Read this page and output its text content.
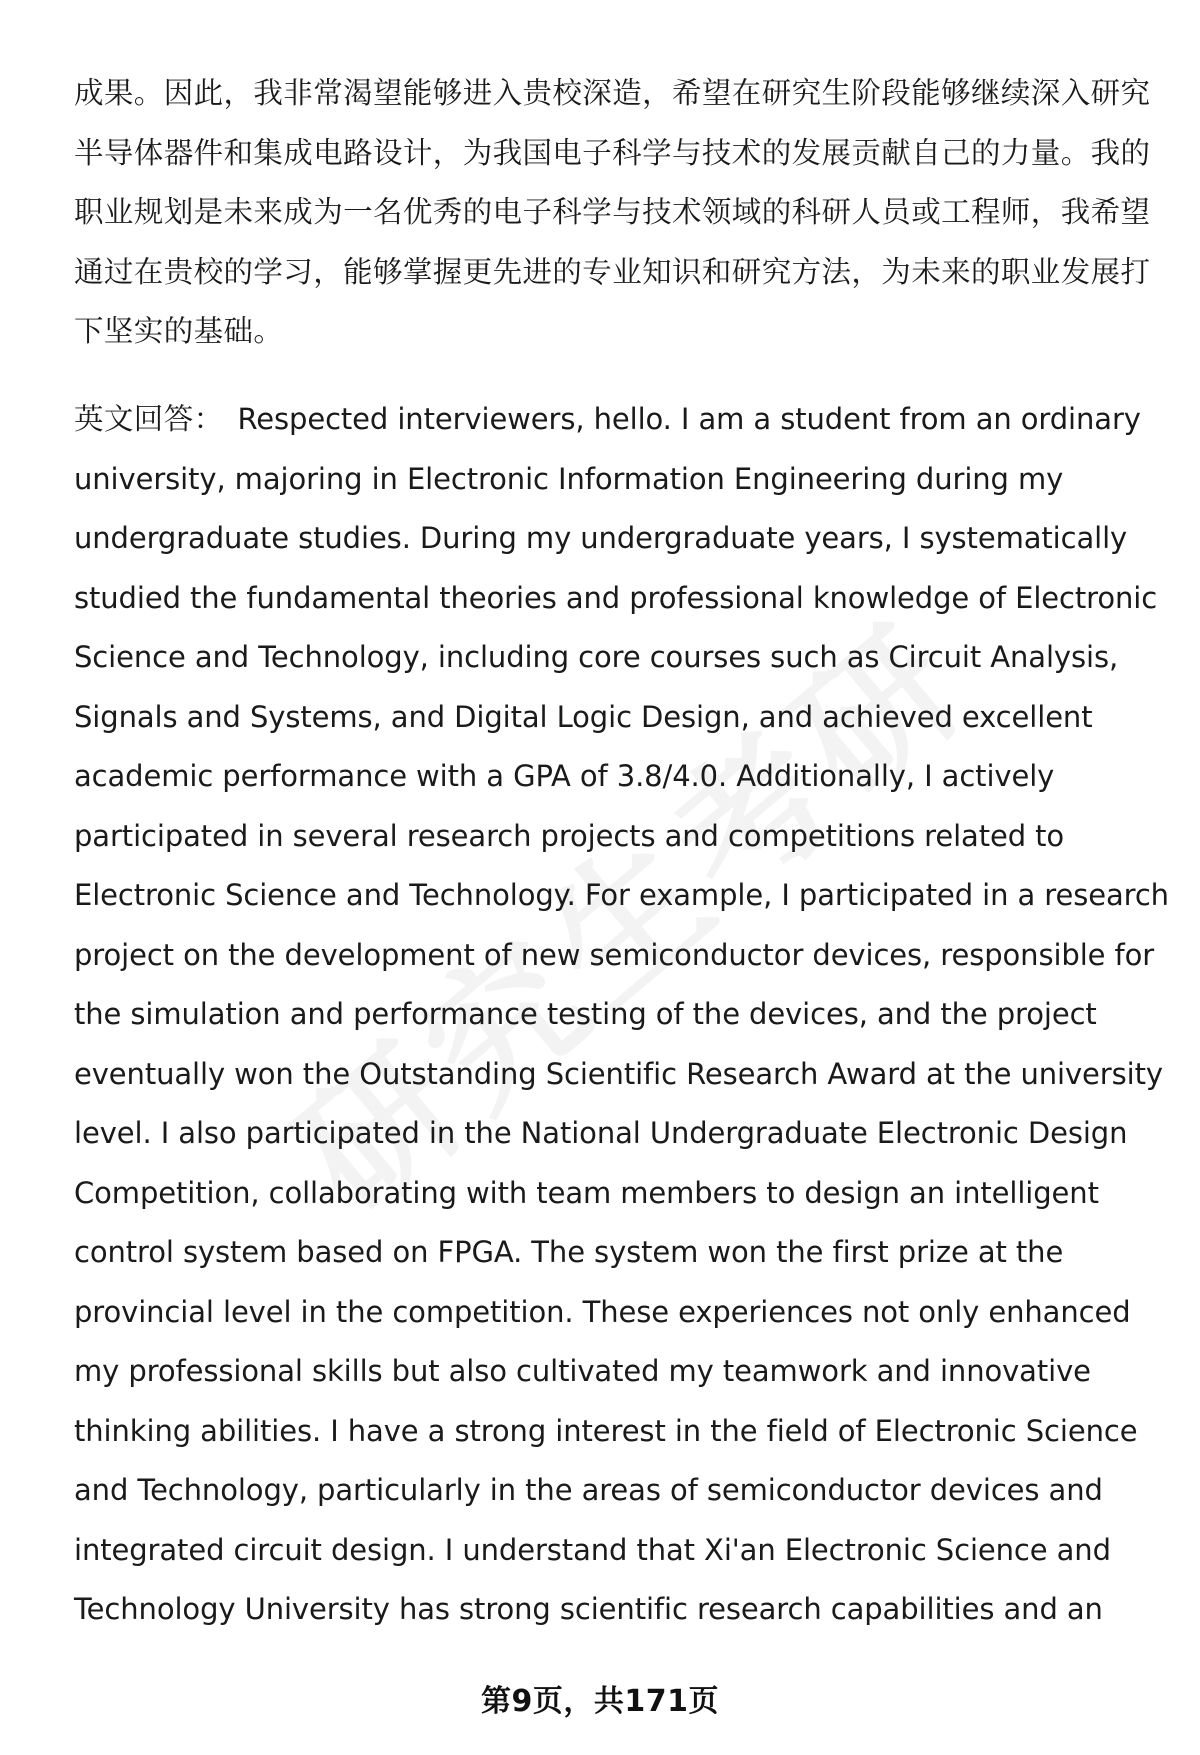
成果。因此，我非常渴望能够进入贵校深造，希望在研究生阶段能够继续深入研究
半导体器件和集成电路设计，为我国电子科学与技术的发展贡献自己的力量。我的
职业规划是未来成为一名优秀的电子科学与技术领域的科研人员或工程师，我希望
通过在贵校的学习，能够掌握更先进的专业知识和研究方法，为未来的职业发展打
下坚实的基础。
英文回答： Respected interviewers, hello. I am a student from an ordinary
university, majoring in Electronic Information Engineering during my
undergraduate studies. During my undergraduate years, I systematically
studied the fundamental theories and professional knowledge of Electronic
Science and Technology, including core courses such as Circuit Analysis,
Signals and Systems, and Digital Logic Design, and achieved excellent
academic performance with a GPA of 3.8/4.0. Additionally, I actively
participated in several research projects and competitions related to
Electronic Science and Technology. For example, I participated in a research
project on the development of new semiconductor devices, responsible for
the simulation and performance testing of the devices, and the project
eventually won the Outstanding Scientific Research Award at the university
level. I also participated in the National Undergraduate Electronic Design
Competition, collaborating with team members to design an intelligent
control system based on FPGA. The system won the first prize at the
provincial level in the competition. These experiences not only enhanced
my professional skills but also cultivated my teamwork and innovative
thinking abilities. I have a strong interest in the field of Electronic Science
and Technology, particularly in the areas of semiconductor devices and
integrated circuit design. I understand that Xi'an Electronic Science and
Technology University has strong scientific research capabilities and an
第9页，共171页
